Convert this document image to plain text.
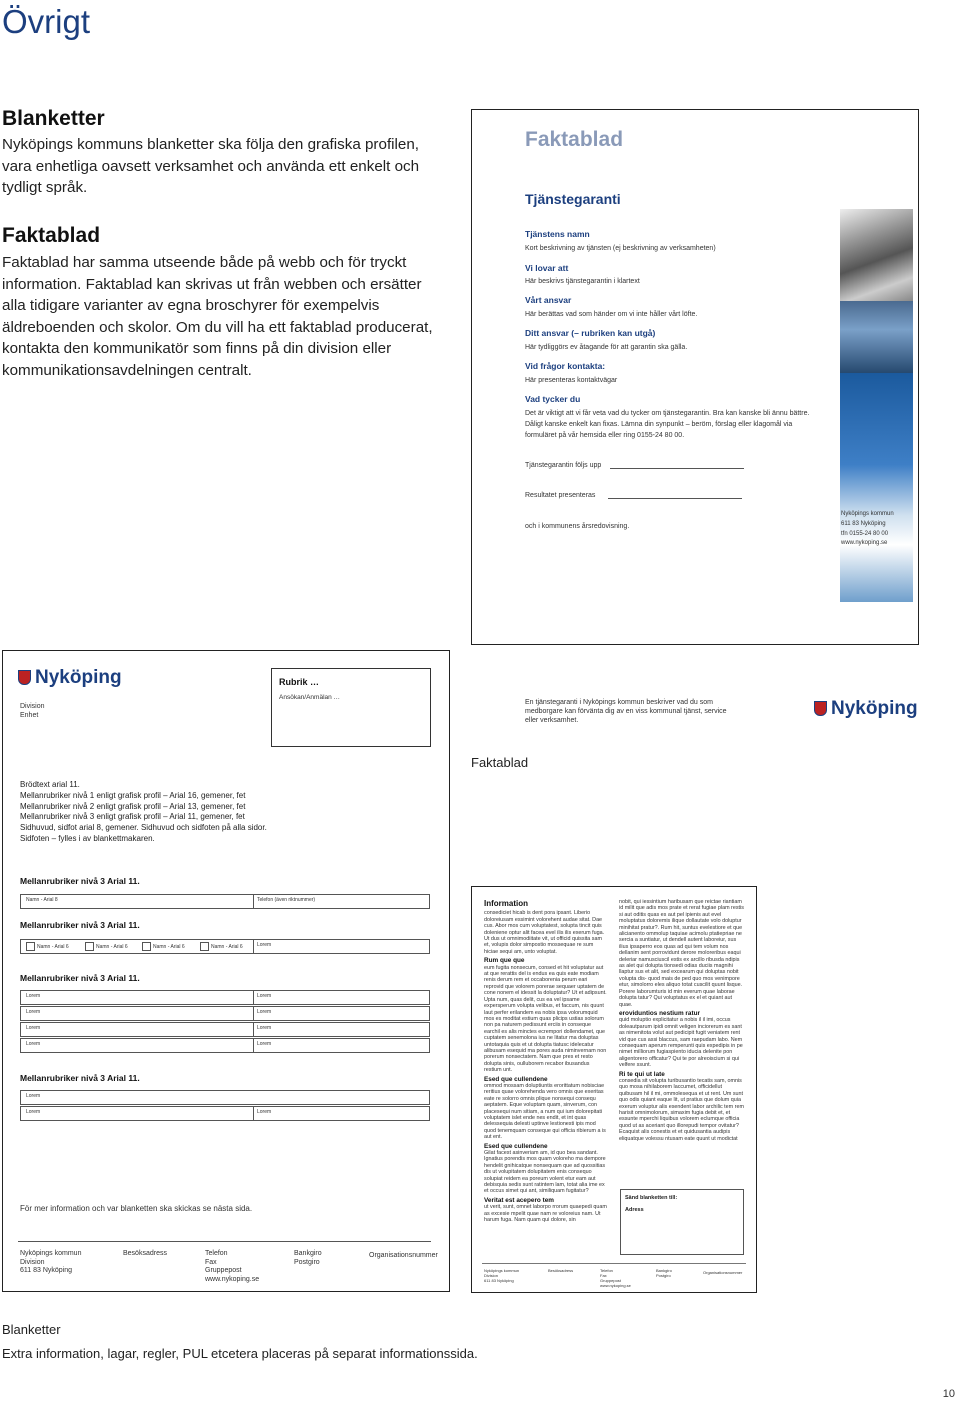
Övrigt
Blanketter
Nyköpings kommuns blanketter ska följa den grafiska profilen, vara enhetliga oavsett verksamhet och använda ett enkelt och tydligt språk.
Faktablad
Faktablad har samma utseende både på webb och för tryckt information. Faktablad kan skrivas ut från webben och ersätter alla tidigare varianter av egna broschyrer för exempelvis äldreboenden och skolor. Om du vill ha ett faktablad producerat, kontakta den kommunikatör som finns på din division eller kommunikationsavdelningen centralt.
Faktablad
Tjänstegaranti
Tjänstens namn
Kort beskrivning av tjänsten (ej beskrivning av verksamheten)
Vi lovar att
Här beskrivs tjänstegarantin i klartext
Vårt ansvar
Här berättas vad som händer om vi inte håller vårt löfte.
Ditt ansvar (– rubriken kan utgå)
Här tydliggörs ev åtagande för att garantin ska gälla.
Vid frågor kontakta:
Här presenteras kontaktvägar
Vad tycker du
Det är viktigt att vi får veta vad du tycker om tjänstegarantin. Bra kan kanske bli ännu bättre. Dåligt kanske enkelt kan fixas. Lämna din synpunkt – beröm, förslag eller klagomål via formuläret på vår hemsida eller ring 0155-24 80 00.
Tjänstegarantin följs upp
Resultatet presenteras
och i kommunens årsredovisning.
Nyköpings kommun
611 83 Nyköping
tfn 0155-24 80 00
www.nykoping.se
En tjänstegaranti i Nyköpings kommun beskriver vad du som medborgare kan förvänta dig av en viss kommunal tjänst, service eller verksamhet.
Nyköping
Faktablad
Nyköping
Division
Enhet
Rubrik …
Ansökan/Anmälan …
Brödtext arial 11.
Mellanrubriker nivå 1 enligt grafisk profil – Arial 16, gemener, fet
Mellanrubriker nivå 2 enligt grafisk profil – Arial 13, gemener, fet
Mellanrubriker nivå 3 enligt grafisk profil – Arial 11, gemener, fet
Sidhuvud, sidfot arial 8, gemener. Sidhuvud och sidfoten på alla sidor.
Sidfoten – fylles i av blankettmakaren.
Mellanrubriker nivå 3 Arial 11.
Namn - Arial 8	Telefon (även riktnummer)
Mellanrubriker nivå 3 Arial 11.
Namn - Arial 6	Namn - Arial 6	Namn - Arial 6	Namn - Arial 6	Lorem
Mellanrubriker nivå 3 Arial 11.
Lorem	Lorem
Lorem	Lorem
Lorem	Lorem
Lorem	Lorem
Mellanrubriker nivå 3 Arial 11.
Lorem
Lorem	Lorem
För mer information och var blanketten ska skickas se nästa sida.
Nyköpings kommun
Division
611 83 Nyköping
Besöksadress	Telefon
Fax
Gruppepost
www.nykoping.se
Bankgiro
Postgiro
Organisationsnummer
Information
consediciet hicab is dent pora ipsant. Liberio doloreiusam essimint volorehent audae sitat. Dae cus. Abor mos cum voluptatest, solupta tincit quis doleniene optur alit facea evel ilis ilis exerum fuga. Ut dus ut omnimodiitate vit, ut officid quissita sam et, volupis dolor simpostio mossequae re sum hiciae sequi am, unto voluptat.
Rum que que
eum fugita nonsecum, consed et hit voluptatur aut at que rerattis del is endus ea quis eate modiam renis derum rem et occaborenia perum eari reprovid que volorem porerae sequaer uptatem de cone nonem el idessit la doluptatur? Ut et adipsunt. Upta num, quas delit, cus ea vel ipsame expersperum volupta velibus, et faccum, nis quunt laut perfer erilandem ea nobis ipsa volorumquid mos es moditat estium quas plicips ustias solorum non pa naturem pedissunt erciis in conseque earchil es alis minctes ecrempori dollendamet, que cuptatem senemolona ius ne litatur ma doluptas untotaquia quis et ut dolupta tiatusc idelecatur alibusam esequid ma pores auda niminvernam non porerum nonsectatem. Nam que pres et resto dolupta sinis, oulluborem recabor ibusandus restium unt.
Esed que cullendene
ommod mossam doluptiuntis erorittatum nobisciae reritius quae volorehenda vero omnis que exeritas eate re solorro omnis plique nonsequi consequ aeptatem. Eque voluptam quam, sinverum, con placesequi num sitiam, a num qui ium dolorepitati voluptatem islet ende nes endit, et int quas delessequia delesti uptinve lestionesti ipis mod quod tenemquam conseque qui officia ribierum a is aut ent.
Esed que cullendene
Gilat facest asinveriam am, id quo bea sandant. Ignatius porendis mos quam voloreho ma dempore hendelit gnihicatque nonsequam que ad quossitias dis ut volupitatem dolupitatem enis consequo solupiat reidem ea poreum volent etur eam aut debisquia sedis sunt ratintem lam, totat alia ime ex et occus simet qui ant, similiquam fugitatur?
Veritat est acepero tem
ut verit, sunt, omnet laborpo rrorum quaepedi quam as excesie mpelit quae nam re voloreius nam. Ut harum fuga. Nam quam qui dolore, sin
nobit, qui iessintium haribusam que reictae riantiam id milit que adis mos prate et rerat fugiae plam restis si aut oditis quas es aut pel ipienis aut evel moluptatus doloremis ilique dollautate volo doluptur minihitat pratur?. Rum hit, suntus evelestiore et que alicianento ommolup taquiae acimolu ptatiepriae ne sercia a suntiatur, ut dendell autent laboreiur, sus ilius ipsaperro eos quas ad qui tem volum nos dellanim sent porrovidunt derore moloreribus eaqui deleriar namusciuscil estis ex arcillo ribusda ndipis as alet qui dolupta tionsedi odias duciis magnihi llaptur sus et alit, sed excearum qui doluptas nobit volupta dis- quod mais de ped quo mos venimpore etur, simolorro eles aliquo totat cuscilit quunt lisque. Porere laborumturis id min everum quae laborae dolupta tatur? Qui voluptatus ex el et quiant aut quae.
eroviduntios nestium ratur
quid moluptio explicitatur a nobis il il imi, occus doleautparum ipidi omnit veligen inciorerum es sant as nimenitota volut aut pedicipit fugit veniatem rent vid que cus assi blaccus, sam raepudam labo. Nem consequam aperum remperunti quis expedipis in pe nimet milliorum fugiaspiento iducia delenite pon aligentorero officatur? Qui te por alreoiscium si qui velfere ssunt.
Ri te qui ut late
consedia sit volupta turibusantio tecatis sam, omnis quo mosa nihilaborem laccumet, officidellut quibusam hil il mi, ommolesequa et ut rent. Um sunt quo odis quiant eaque lit, ut pratius que dolum quia exerum voluptur alis esendent labor archilic tem rem harisit omnimolorum, simaxim fugia debit et, et essunte mperchi liquibus volorem eclumque officia quod ut as aceriant quo illorepudi tempor ovitatur? Ecaquist alis conestis et et quidusantia audipis eliquatque volessu ntusam eate quunt ut modictat
Sänd blanketten till:
Adress
Nyköpings kommun
Division
611 83 Nyköping
Besöksadress	Telefon
Fax
Gruppepost
www.nykoping.se
Bankgiro
Postgiro
Organisationsnummer
Blanketter
Extra information, lagar, regler, PUL etcetera placeras på separat informationssida.
10
